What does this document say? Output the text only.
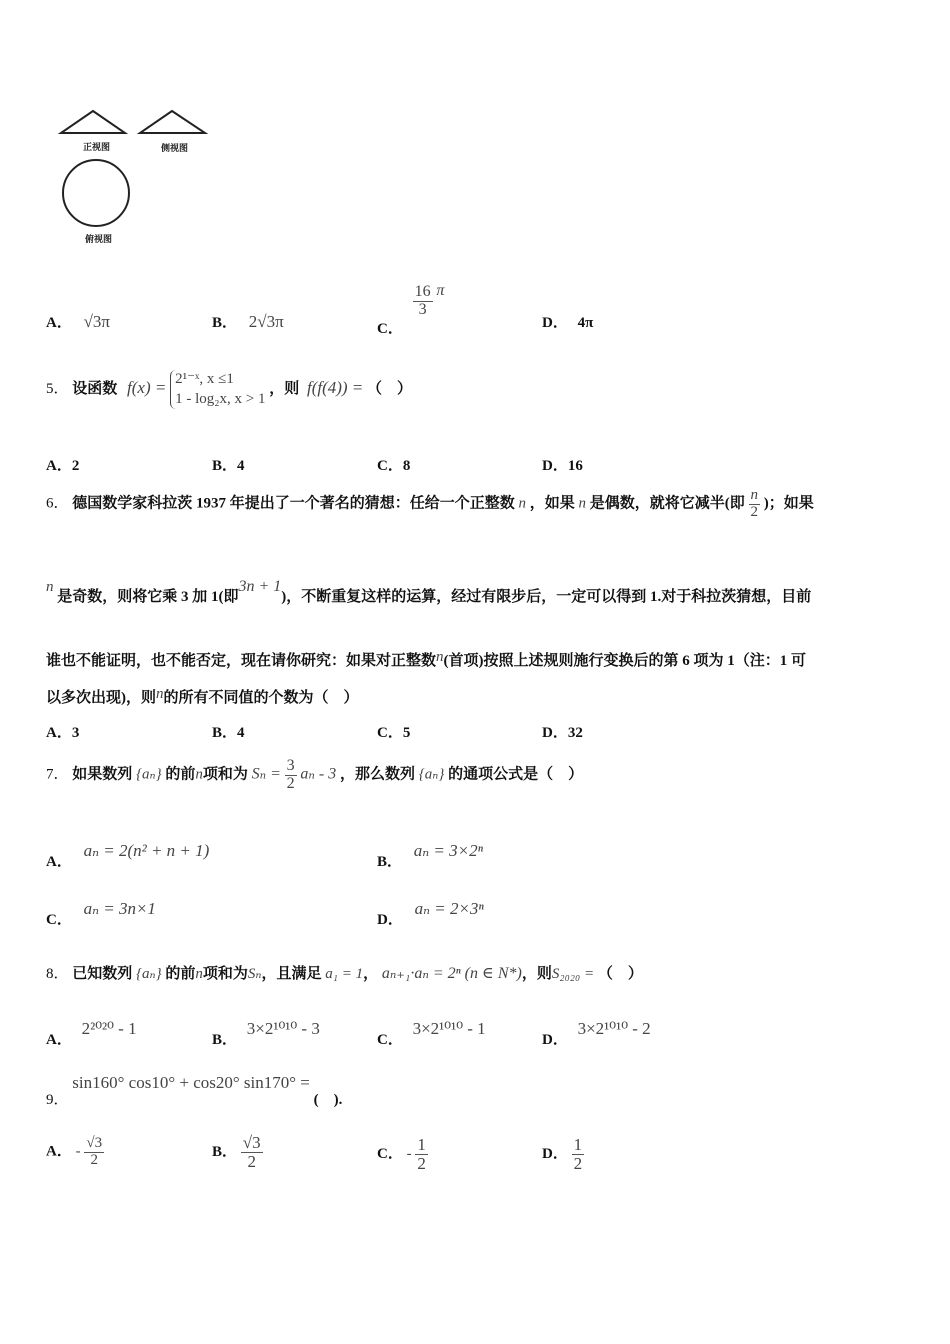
正视图	侧视图
俯视图
A． √3π	B． 2√3π	C．
$\frac{16}{3}$ π
D． 4π
5． 设函数 f(x) = 2¹⁻ˣ, x ≤1
1 - log₂x, x > 1
，则 f(f(4)) = （　）
A．2	B．4	C．8	D．16
6． 德国数学家科拉茨 1937 年提出了一个著名的猜想：任给一个正整数 n ，如果 n 是偶数，就将它减半(即 $\frac{n}{2}$ )；如果
n 是奇数，则将它乘 3 加 1(即3n + 1)，不断重复这样的运算，经过有限步后，一定可以得到 1.对于科拉茨猜想，目前
谁也不能证明，也不能否定，现在请你研究：如果对正整数n(首项)按照上述规则施行变换后的第 6 项为 1（注：1 可
以多次出现)，则n的所有不同值的个数为（　）
A．3	B．4	C．5	D．32
7． 如果数列 {aₙ} 的前n项和为 $S_n = \frac{3}{2}$ aₙ - 3 ，那么数列 {aₙ} 的通项公式是（　）
A． aₙ = 2(n² + n + 1)
B． aₙ = 3×2ⁿ
C． aₙ = 3n×1
D． aₙ = 2×3ⁿ
8． 已知数列 {aₙ} 的前n项和为Sₙ，且满足 a₁ = 1， aₙ₊₁·aₙ = 2ⁿ (n ∈ N*)，则S₂₀₂₀ = （　）
A． 2²⁰²⁰ - 1
B． 3×2¹⁰¹⁰ - 3
C． 3×2¹⁰¹⁰ - 1
D． 3×2¹⁰¹⁰ - 2
9． sin160° cos10° + cos20° sin170° = (　).
A． - $\frac{√3}{2}$	B． $\frac{√3}{2}$	C． - $\frac{1}{2}$	D． $\frac{1}{2}$
